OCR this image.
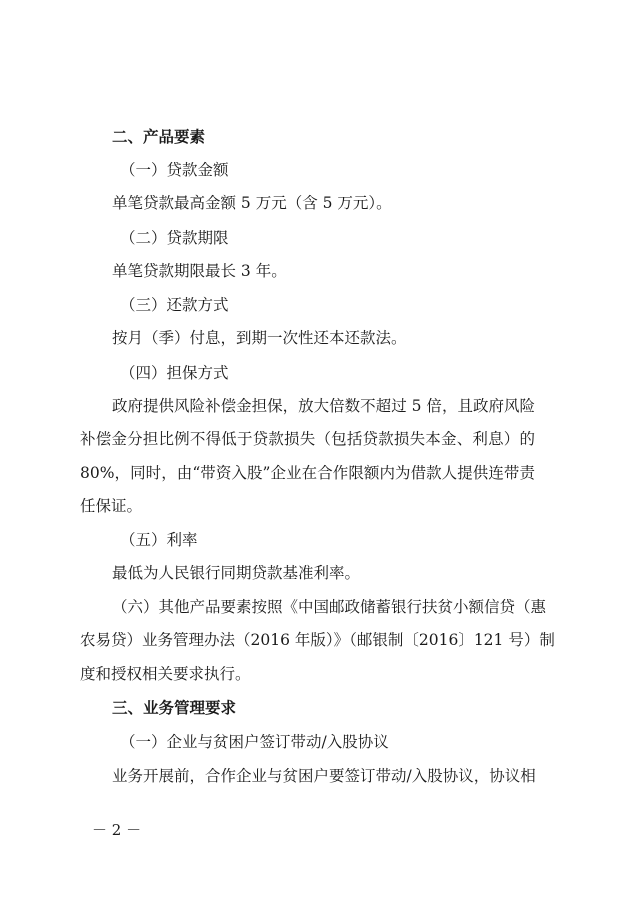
二、产品要素
（一）贷款金额
单笔贷款最高金额 5 万元（含 5 万元）。
（二）贷款期限
单笔贷款期限最长 3 年。
（三）还款方式
按月（季）付息，到期一次性还本还款法。
（四）担保方式
政府提供风险补偿金担保，放大倍数不超过 5 倍，且政府风险
补偿金分担比例不得低于贷款损失（包括贷款损失本金、利息）的
80%，同时，由“带资入股”企业在合作限额内为借款人提供连带责
任保证。
（五）利率
最低为人民银行同期贷款基准利率。
（六）其他产品要素按照《中国邮政储蓄银行扶贫小额信贷（惠
农易贷）业务管理办法（2016 年版）》（邮银制〔2016〕121 号）制
度和授权相关要求执行。
三、业务管理要求
（一）企业与贫困户签订带动/入股协议
业务开展前，合作企业与贫困户要签订带动/入股协议，协议相
－ 2 －
